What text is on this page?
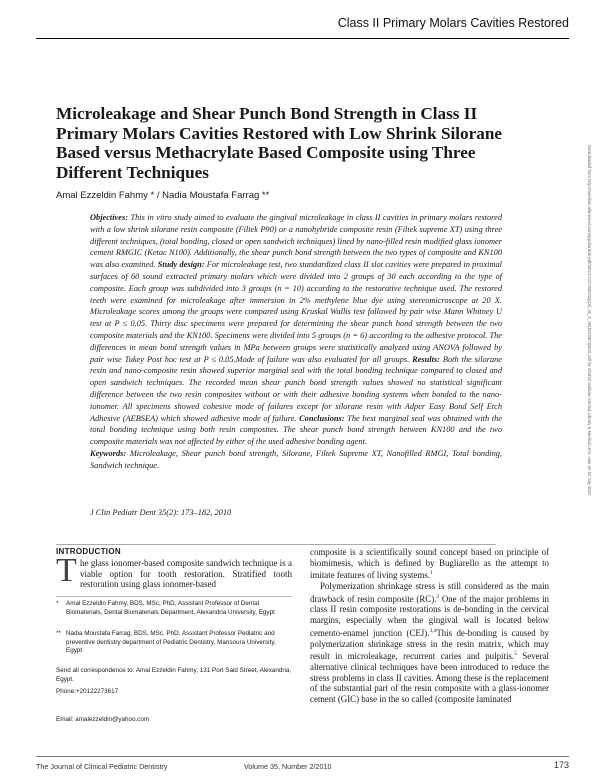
Class II Primary Molars Cavities Restored
Microleakage and Shear Punch Bond Strength in Class II Primary Molars Cavities Restored with Low Shrink Silorane Based versus Methacrylate Based Composite using Three Different Techniques
Amal Ezzeldin Fahmy * / Nadia Moustafa Farrag **
Objectives: This in vitro study aimed to evaluate the gingival microleakage in class II cavities in primary molars restored with a low shrink silorane resin composite (Filtek P90) or a nanohybride composite resin (Filtek supreme XT) using three different techniques, (total bonding, closed or open sandwich techniques) lined by nano-filled resin modified glass ionomer cement RMGIC (Ketac N100). Additionally, the shear punch bond strength between the two types of composite and KN100 was also examined. Study design: For microleakage test, two standardized class II slot cavities were prepared in proximal surfaces of 60 sound extracted primary molars which were divided into 2 groups of 30 each according to the type of composite. Each group was subdivided into 3 groups (n = 10) according to the restorative technique used. The restored teeth were examined for microleakage after immersion in 2% methylene blue dye using stereomicroscope at 20 X. Microleakage scores among the groups were compared using Kruskal Wallis test followed by pair wise Mann Whitney U test at P ≤ 0.05. Thirty disc specimens were prepared for determining the shear punch bond strength between the two composite materials and the KN100. Specimens were divided into 5 groups (n = 6) according to the adhesive protocol. The differences in mean bond strength values in MPa between groups were statistically analyzed using ANOVA followed by pair wise Tukey Post hoc test at P ≤ 0.05.Mode of failure was also evaluated for all groups. Results: Both the silorane resin and nano-composite resin showed superior marginal seal with the total bonding technique compared to closed and open sandwich techniques. The recorded mean shear punch bond strength values showed no statistical significant difference between the two resin composites without or with their adhesive bonding systems when bonded to the nano-ionomer. All specimens showed cohesive mode of failures except for silorane resin with Adper Easy Bond Self Etch Adhesive (AEBSEA) which showed adhesive mode of failure. Conclusions: The best marginal seal was obtained with the total bonding technique using both resin composites. The shear punch bond strength between KN100 and the two composite materials was not affected by either of the used adhesive bonding agent.
Keywords: Microleakage, Shear punch bond strength, Silorane, Filtek Supreme XT, Nanofilled RMGI, Total bonding, Sandwich technique.
J Clin Pediatr Dent 35(2): 173–182, 2010
Downloaded from http://meridian.allenpress.com/jcpd/article-pdf/35/2/173/1750522/jcpd_35_2_v81k4236t7tj4031.pdf by Shahid Vahkaei Central Library & Medical Univ. user on 24 July 2022
INTRODUCTION
T he glass ionomer-based composite sandwich technique is a viable option for tooth restoration. Stratified tooth restoration using glass ionomer-based
* Amal Ezzeldin Fahmy, BDS, MSc, PhD, Assistant Professor of Dental Biomaterials, Dental Biomaterials Department, Alexandria University, Egypt
** Nadia Moustafa Farrag, BDS, MSc, PhD, Assistant Professor Pediatric and preventive dentistry department of Pediatric Dentistry, Mansoura University, Egypt
Send all correspondence to: Amal Ezzeldin Fahmy, 131 Port Said Street, Alexandria, Egypt.
Phone:+20122273617
Email: amalezzeldin@yahoo.com

composite is a scientifically sound concept based on principle of biomimesis, which is defined by Bugliarello as the attempt to imitate features of living systems.$^1$

Polymerization shrinkage stress is still considered as the main drawback of resin composite (RC).$^2$ One of the major problems in class II resin composite restorations is de-bonding in the cervical margins, especially when the gingival wall is located below cemento-enamel junction (CEJ).$^{3,4}$This de-bonding is caused by polymerization shrinkage stress in the resin matrix, which may result in microleakage, recurrent caries and pulpitis.$^5$ Several alternative clinical techniques have been introduced to reduce the stress problems in class II cavities. Among these is the replacement of the substantial part of the resin composite with a glass-ionomer cement (GIC) base in the so called (composite laminated

The Journal of Clinical Pediatric Dentistry	Volume 35, Number 2/2010	173
